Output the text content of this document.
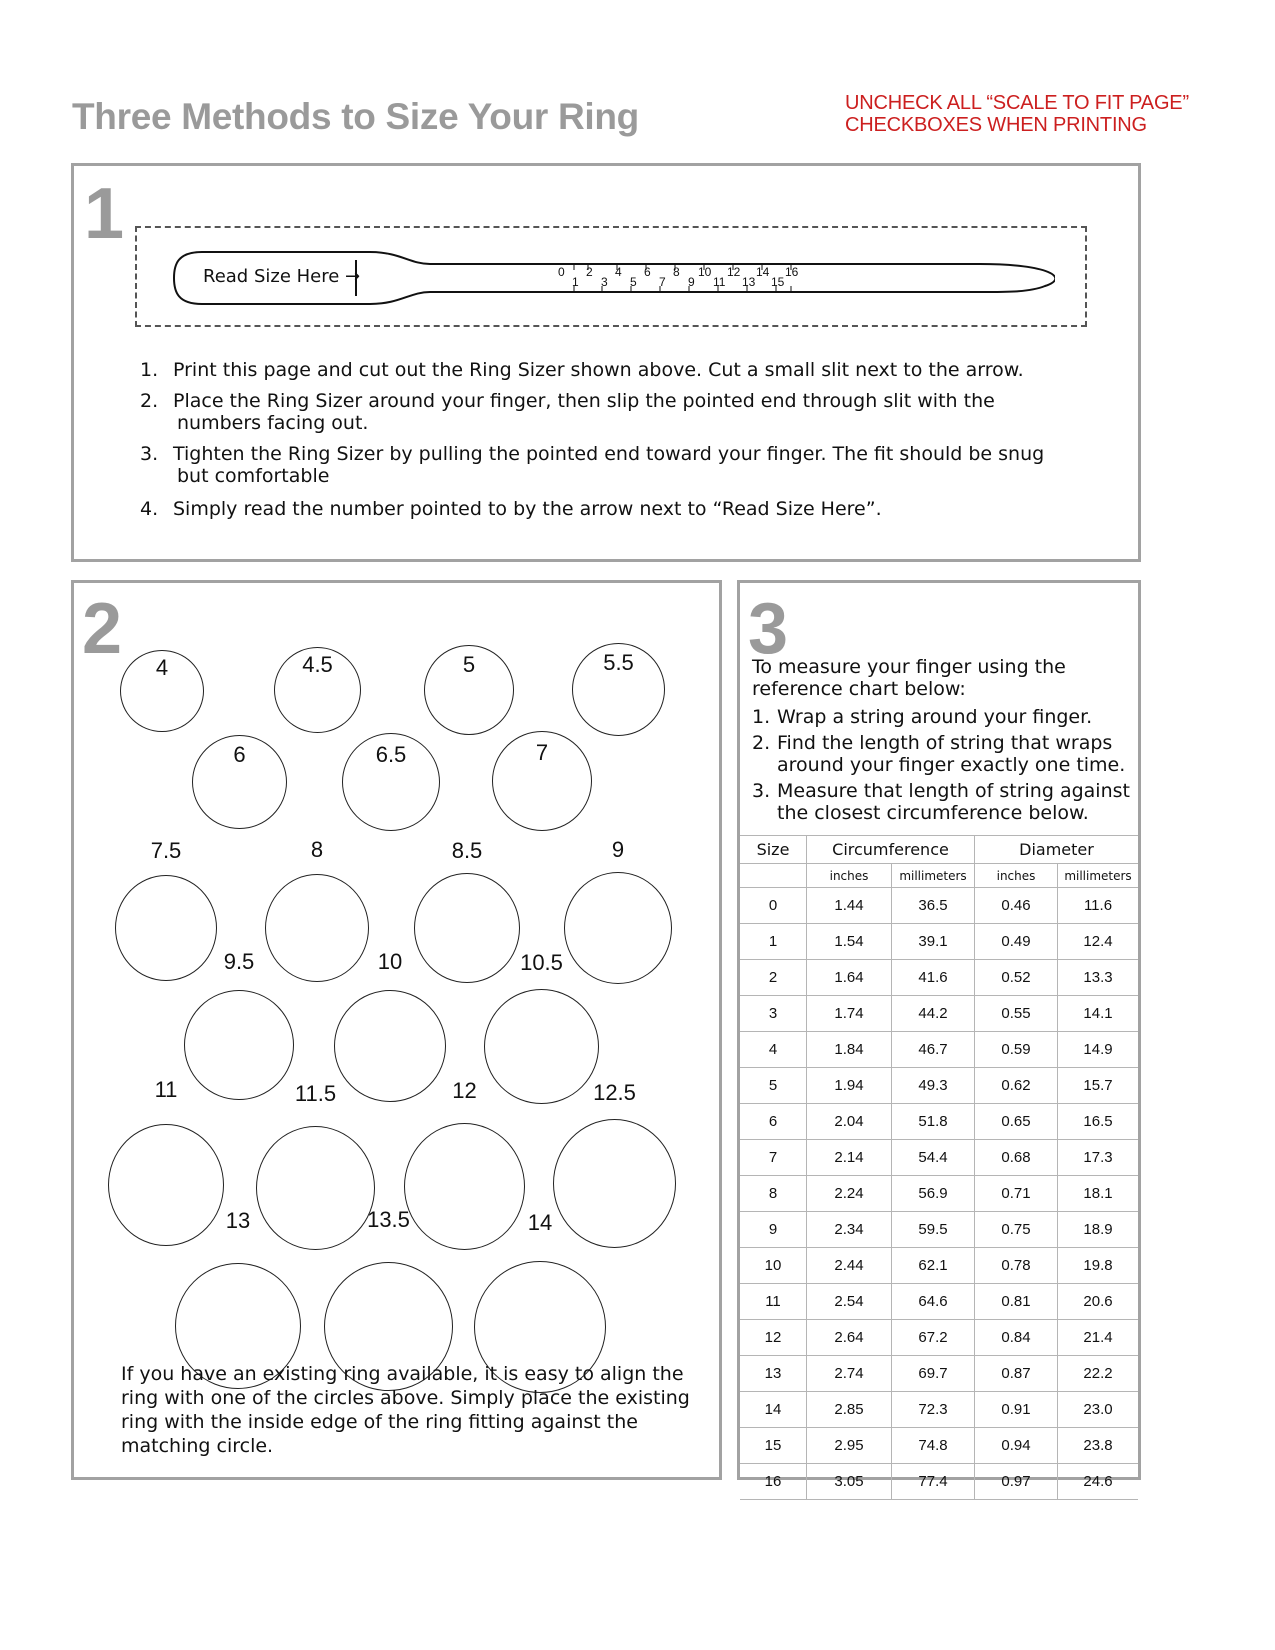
Three Methods to Size Your Ring	UNCHECK ALL “SCALE TO FIT PAGE”
CHECKBOXES WHEN PRINTING
1
Read Size Here →	0 2 4 6 8 10 12 14 16
1 3 5 7 9 11 13 15
1. Print this page and cut out the Ring Sizer shown above. Cut a small slit next to the arrow.
2. Place the Ring Sizer around your finger, then slip the pointed end through slit with the
numbers facing out.
3. Tighten the Ring Sizer by pulling the pointed end toward your finger. The fit should be snug
but comfortable
4. Simply read the number pointed to by the arrow next to “Read Size Here”.
2	4	4.5	5	5.5
6	6.5	7
7.5	8	8.5	9
9.5	10	10.5
11	11.5	12	12.5
13	13.5	14
If you have an existing ring available, it is easy to align the ring with one of the circles above. Simply place the existing ring with the inside edge of the ring fitting against the matching circle.
3
To measure your finger using the reference chart below:
1. Wrap a string around your finger.
2. Find the length of string that wraps around your finger exactly one time.
3. Measure that length of string against the closest circumference below.
Size	Circumference		Diameter	
	inches	millimeters	inches	millimeters
0	1.44	36.5	0.46	11.6
1	1.54	39.1	0.49	12.4
2	1.64	41.6	0.52	13.3
3	1.74	44.2	0.55	14.1
4	1.84	46.7	0.59	14.9
5	1.94	49.3	0.62	15.7
6	2.04	51.8	0.65	16.5
7	2.14	54.4	0.68	17.3
8	2.24	56.9	0.71	18.1
9	2.34	59.5	0.75	18.9
10	2.44	62.1	0.78	19.8
11	2.54	64.6	0.81	20.6
12	2.64	67.2	0.84	21.4
13	2.74	69.7	0.87	22.2
14	2.85	72.3	0.91	23.0
15	2.95	74.8	0.94	23.8
16	3.05	77.4	0.97	24.6
